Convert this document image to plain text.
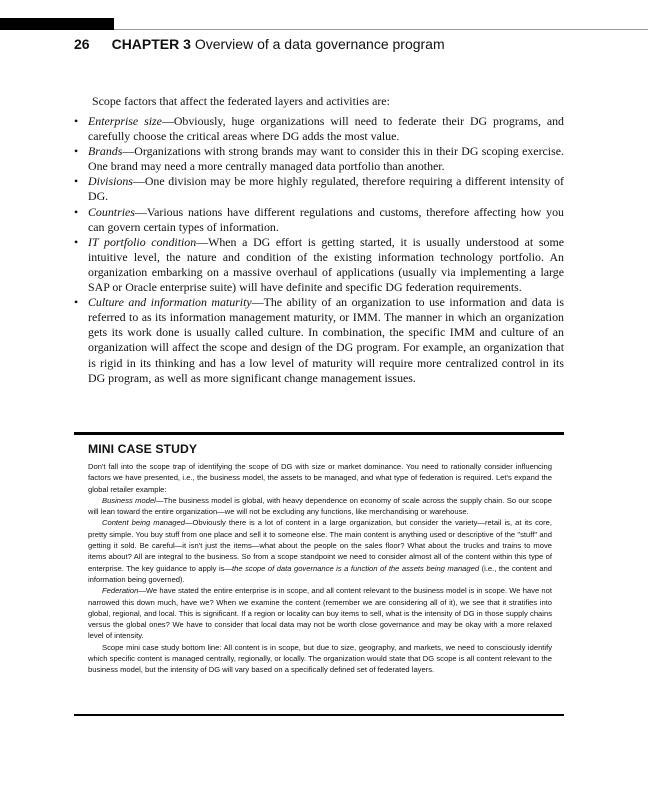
26 CHAPTER 3 Overview of a data governance program
Scope factors that affect the federated layers and activities are:
• Enterprise size—Obviously, huge organizations will need to federate their DG programs, and carefully choose the critical areas where DG adds the most value.
• Brands—Organizations with strong brands may want to consider this in their DG scoping exercise. One brand may need a more centrally managed data portfolio than another.
• Divisions—One division may be more highly regulated, therefore requiring a different intensity of DG.
• Countries—Various nations have different regulations and customs, therefore affecting how you can govern certain types of information.
• IT portfolio condition—When a DG effort is getting started, it is usually understood at some intuitive level, the nature and condition of the existing information technology portfolio. An organization embarking on a massive overhaul of applications (usually via implementing a large SAP or Oracle enterprise suite) will have definite and specific DG federation requirements.
• Culture and information maturity—The ability of an organization to use information and data is referred to as its information management maturity, or IMM. The manner in which an organization gets its work done is usually called culture. In combination, the specific IMM and culture of an organization will affect the scope and design of the DG program. For example, an organization that is rigid in its thinking and has a low level of maturity will require more centralized control in its DG program, as well as more significant change management issues.
MINI CASE STUDY

Don't fall into the scope trap of identifying the scope of DG with size or market dominance. You need to rationally consider influencing factors we have presented, i.e., the business model, the assets to be managed, and what type of federation is required. Let's expand the global retailer example:

Business model—The business model is global, with heavy dependence on economy of scale across the supply chain. So our scope will lean toward the entire organization—we will not be excluding any functions, like merchandising or warehouse.

Content being managed—Obviously there is a lot of content in a large organization, but consider the variety—retail is, at its core, pretty simple. You buy stuff from one place and sell it to someone else. The main content is anything used or descriptive of the "stuff" and getting it sold. Be careful—it isn't just the items—what about the people on the sales floor? What about the trucks and trains to move items about? All are integral to the business. So from a scope standpoint we need to consider almost all of the content within this type of enterprise. The key guidance to apply is—the scope of data governance is a function of the assets being managed (i.e., the content and information being governed).

Federation—We have stated the entire enterprise is in scope, and all content relevant to the business model is in scope. We have not narrowed this down much, have we? When we examine the content (remember we are considering all of it), we see that it stratifies into global, regional, and local. This is significant. If a region or locality can buy items to sell, what is the intensity of DG in those supply chains versus the global ones? We have to consider that local data may not be worth close governance and may be okay with a more relaxed level of intensity.

Scope mini case study bottom line: All content is in scope, but due to size, geography, and markets, we need to consciously identify which specific content is managed centrally, regionally, or locally. The organization would state that DG scope is all content relevant to the business model, but the intensity of DG will vary based on a specifically defined set of federated layers.
